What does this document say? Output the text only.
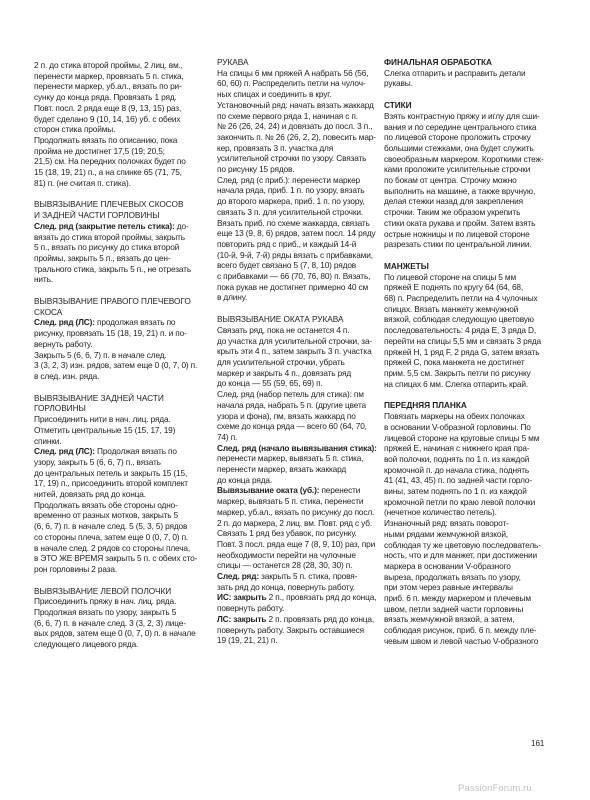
2 п. до стика второй проймы, 2 лиц. вм.,

перенести маркер, провязать 5 п. стика,

перенести маркер, уб.ал., вязать по ри-

сунку до конца ряда. Провязать 1 ряд.

Повт. посл. 2 ряда еще 8 (9, 13, 15) раз,

будет сделано 9 (10, 14, 16) уб. с обеих

сторон стика проймы.

Продолжать вязать по описанию, пока

пройма не достигнет 17,5 (19; 20,5;

21,5) см. На передних полочках будет по

15 (18, 19, 21) п., а на спинке 65 (71, 75,

81) п. (не считая п. стика).

ВЫВЯЗЫВАНИЕ ПЛЕЧЕВЫХ СКОСОВ

И ЗАДНЕЙ ЧАСТИ ГОРЛОВИНЫ

След. ряд (закрытие петель стика): до-

вязать до стика второй проймы, закрыть

5 п., вязать по рисунку до стика второй

проймы, закрыть 5 п., вязать до цен-

трального стика, закрыть 5 п., не отрезать

нить.

ВЫВЯЗЫВАНИЕ ПРАВОГО ПЛЕЧЕВОГО

СКОСА

След. ряд (ЛС): продолжая вязать по

рисунку, провязать 15 (18, 19, 21) п. и по-

вернуть работу.

Закрыть 5 (6, 6, 7) п. в начале след.

3 (3, 2, 3) изн. рядов, затем еще 0 (0, 7, 0) п.

в след. изн. ряда.

ВЫВЯЗЫВАНИЕ ЗАДНЕЙ ЧАСТИ

ГОРЛОВИНЫ

Присоединить нити в нач. лиц. ряда.

Отметить центральные 15 (15, 17, 19)

спинки.

След. ряд (ЛС): Продолжая вязать по

узору, закрыть 5 (6, 6, 7) п., вязать

до центральных петель и закрыть 15 (15,

17, 19) п., присоединить второй комплект

нитей, довязать ряд до конца.

Продолжать вязать обе стороны одно-

временно от разных мотков, закрыть 5

(6, 6, 7) п. в начале след. 5 (5, 3, 5) рядов

со стороны плеча, затем еще 0 (0, 7, 0) п.

в начале след. 2 рядов со стороны плеча,

в ЭТО ЖЕ ВРЕМЯ закрыть 5 п. с обеих сто-

рон горловины 2 раза.

ВЫВЯЗЫВАНИЕ ЛЕВОЙ ПОЛОЧКИ

Присоединить пряжу в нач. лиц. ряда.

Продолжая вязать по узору, закрыть 5

(6, 6, 7) п. в начале след. 3 (3, 2, 3) лице-

вых рядов, затем еще 0 (0, 7, 0) п. в начале

следующего лицевого ряда.

РУКАВА

На спицы 6 мм пряжей A набрать 56 (56,

60, 60) п. Распределить петли на чулоч-

ных спицах и соединить в круг.

Установочный ряд: начать вязать жаккард

по схеме первого ряда 1, начиная с п.

№ 26 (26, 24, 24) и довязать до посл. 3 п.,

закончить п. № 26 (26, 2, 2), повесить мар-

кер, провязать 3 п. участка для

усилительной строчки по узору. Связать

по рисунку 15 рядов.

След. ряд (с приб.): перенести маркер

начала ряда, приб. 1 п. по узору, вязать

до второго маркера, приб. 1 п. по узору,

связать 3 п. для усилительной строчки.

Вязать приб. по схеме жаккарда, связать

еще 13 (9, 8, 6) рядов, затем посл. 14 ряду

повторить ряд с приб., и каждый 14-й

(10-й, 9-й, 7-й) ряды вязать с прибавками,

всего будет связано 5 (7, 8, 10) рядов

с прибавками — 66 (70, 76, 80) п. Вязать,

пока рукав не достигнет примерно 40 см

в длину.

ВЫВЯЗЫВАНИЕ ОКАТА РУКАВА

Связать ряд, пока не останется 4 п.

до участка для усилительной строчки, за-

крыть эти 4 п., затем закрыть 3 п. участка

для усилительной строчки, убрать

маркер и закрыть 4 п., довязать ряд

до конца — 55 (59, 65, 69) п.

След. ряд (набор петель для стика): пм

начала ряда, набрать 5 п. (другие цвета

узора и фона), пм, вязать жаккард по

схеме до конца ряда — всего 60 (64, 70,

74) п.

След. ряд (начало вывязывания стика):

перенести маркер, вывязать 5 п. стика,

перенести маркер, вязать жаккард

до конца ряда.

Вывязывание оката (уб.): перенести

маркер, вывязать 5 п. стика, перенести

маркер, уб.ал., вязать по рисунку до посл.

2 п. до маркера, 2 лиц. вм. Повт. ряд с уб.

Связать 1 ряд без убавок, по рисунку.

Повт. 3 посл. ряда еще 7 (8, 9, 10) раз, при

необходимости перейти на чулочные

спицы — останется 28 (28, 30, 30) п.

След. ряд: закрыть 5 п. стика, провя-

зать ряд до конца, повернуть работу.

ИС: закрыть 2 п., провязать ряд до конца,

повернуть работу.

ЛС: закрыть 2 п. провязать ряд до конца,

повернуть работу. Закрыть оставшиеся

19 (19, 21, 21) п.

ФИНАЛЬНАЯ ОБРАБОТКА

Слегка отпарить и расправить детали

рукавы.

СТИКИ

Взять контрастную пряжу и иглу для сши-

вания и по середине центрального стика

по лицевой стороне проложить строчку

большими стежками, она будет служить

своеобразным маркером. Короткими стеж-

ками проложите усилительные строчки

по бокам от центра. Строчку можно

выполнить на машине, а также вручную,

делая стежки назад для закрепления

строчки. Таким же образом укрепить

стики оката рукава и пройм. Затем взять

острые ножницы и по лицевой стороне

разрезать стики по центральной линии.

МАНЖЕТЫ

По лицевой стороне на спицы 5 мм

пряжей E поднять по кругу 64 (64, 68,

68) п. Распределить петли на 4 чулочных

спицах. Вязать манжету жемчужной

вязкой, соблюдая следующую цветовую

последовательность: 4 ряда E, 3 ряда D,

перейти на спицы 5,5 мм и связать 3 ряда

пряжей H, 1 ряд F, 2 ряда G, затем вязать

пряжей C, пока манжета не достигнет

прим. 5,5 см. Закрыть петли по рисунку

на спицах 6 мм. Слегка отпарить край.

ПЕРЕДНЯЯ ПЛАНКА

Повязать маркеры на обеих полочках

в основании V-образной горловины. По

лицевой стороне на круговые спицы 5 мм

пряжей E, начиная с нижнего края пра-

вой полочки, поднять по 1 п. из каждой

кромочной п. до начала стика, поднять

41 (41, 43, 45) п. по задней части горло-

вины, затем поднять по 1 п. из каждой

кромочной петли по краю левой полочки

(нечетное количество петель).

Изнаночный ряд: вязать поворот-

ными рядами жемчужной вязкой,

соблюдая ту же цветовую последователь-

ность, что и для манжет, при достижении

маркера в основании V-образного

выреза, продолжать вязать по узору,

при этом через равные интервалы

приб. 6 п. между маркером и плечевым

швом, петли задней части горловины

вязать жемчужной вязкой, а затем,

соблюдая рисунок, приб. 6 п. между пле-

чевым швом и левой частью V-образного

161
PassionForum.ru
